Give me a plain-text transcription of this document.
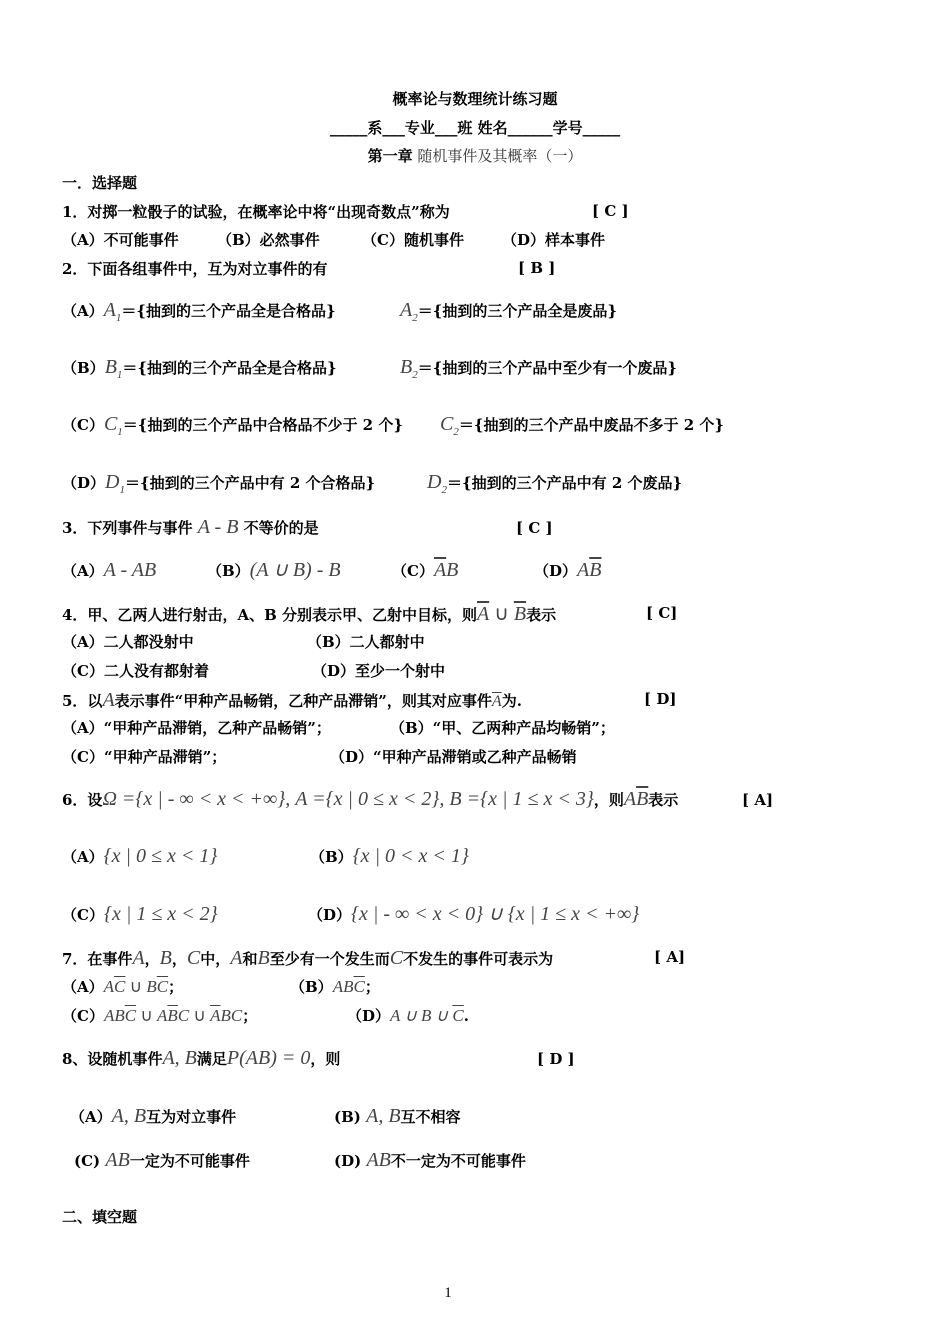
概率论与数理统计练习题
_____系___专业___班 姓名______学号_____
第一章 随机事件及其概率（一）
一．选择题
1．对掷一粒骰子的试验，在概率论中将“出现奇数点”称为	[ C ]
（A）不可能事件	（B）必然事件	（C）随机事件	（D）样本事件
2．下面各组事件中，互为对立事件的有	[ B ]
$(A)A_1=${抽到的三个产品全是合格品}	$A_2=${抽到的三个产品全是废品}
$(B)B_1=${抽到的三个产品全是合格品}	$B_2=${抽到的三个产品中至少有一个废品}
$(C)C_1=${抽到的三个产品中合格品不少于 2 个} $C_2=${抽到的三个产品中废品不多于 2 个}
$(D)D_1=${抽到的三个产品中有 2 个合格品}	$D_2=${抽到的三个产品中有 2 个废品}
3．下列事件与事件 A - B 不等价的是	[ C ]
（A）A - AB	（B）(A ∪ B) - B	$(C)\overline{A}B$	$(D)A\overline{B}$
4．甲、乙两人进行射击，A、B 分别表示甲、乙射中目标，则$\overline{A}$ ∪ $\overline{B}$表示	[ C]
（A）二人都没射中	（B）二人都射中
（C）二人没有都射着	（D）至少一个射中
5．以A表示事件“甲种产品畅销，乙种产品滞销”，则其对应事件$\overline{A}$为.	[ D]
（A）“甲种产品滞销，乙种产品畅销”；	（B）“甲、乙两种产品均畅销”；
（C）“甲种产品滞销”；	（D）“甲种产品滞销或乙种产品畅销
6．设Ω ={x | - ∞ < x < +∞}, A ={x | 0 ≤ x < 2}, B ={x | 1 ≤ x < 3}，则$A\overline{B}$表示	[ A]
（A）{x | 0 ≤ x < 1}	（B）{x | 0 < x < 1}
（C）{x | 1 ≤ x < 2}	（D）{x | - ∞ < x < 0} ∪ {x | 1 ≤ x < +∞}
7．在事件A，B，C中，A和B至少有一个发生而C不发生的事件可表示为	[ A]
$(A)A\overline{C}$ ∪ $B\overline{C}$；	$(B)AB\overline{C}$；
$(C)AB\overline{C}$ ∪ $A\overline{B}C$ ∪ $\overline{A}BC$；	（D）A ∪ B ∪ $\overline{C}$.
8、设随机事件A, B满足P(AB) = 0，则	[ D ]
（A）A, B互为对立事件	(B) A, B互不相容
(C) AB一定为不可能事件	(D) AB不一定为不可能事件
二、填空题
1
